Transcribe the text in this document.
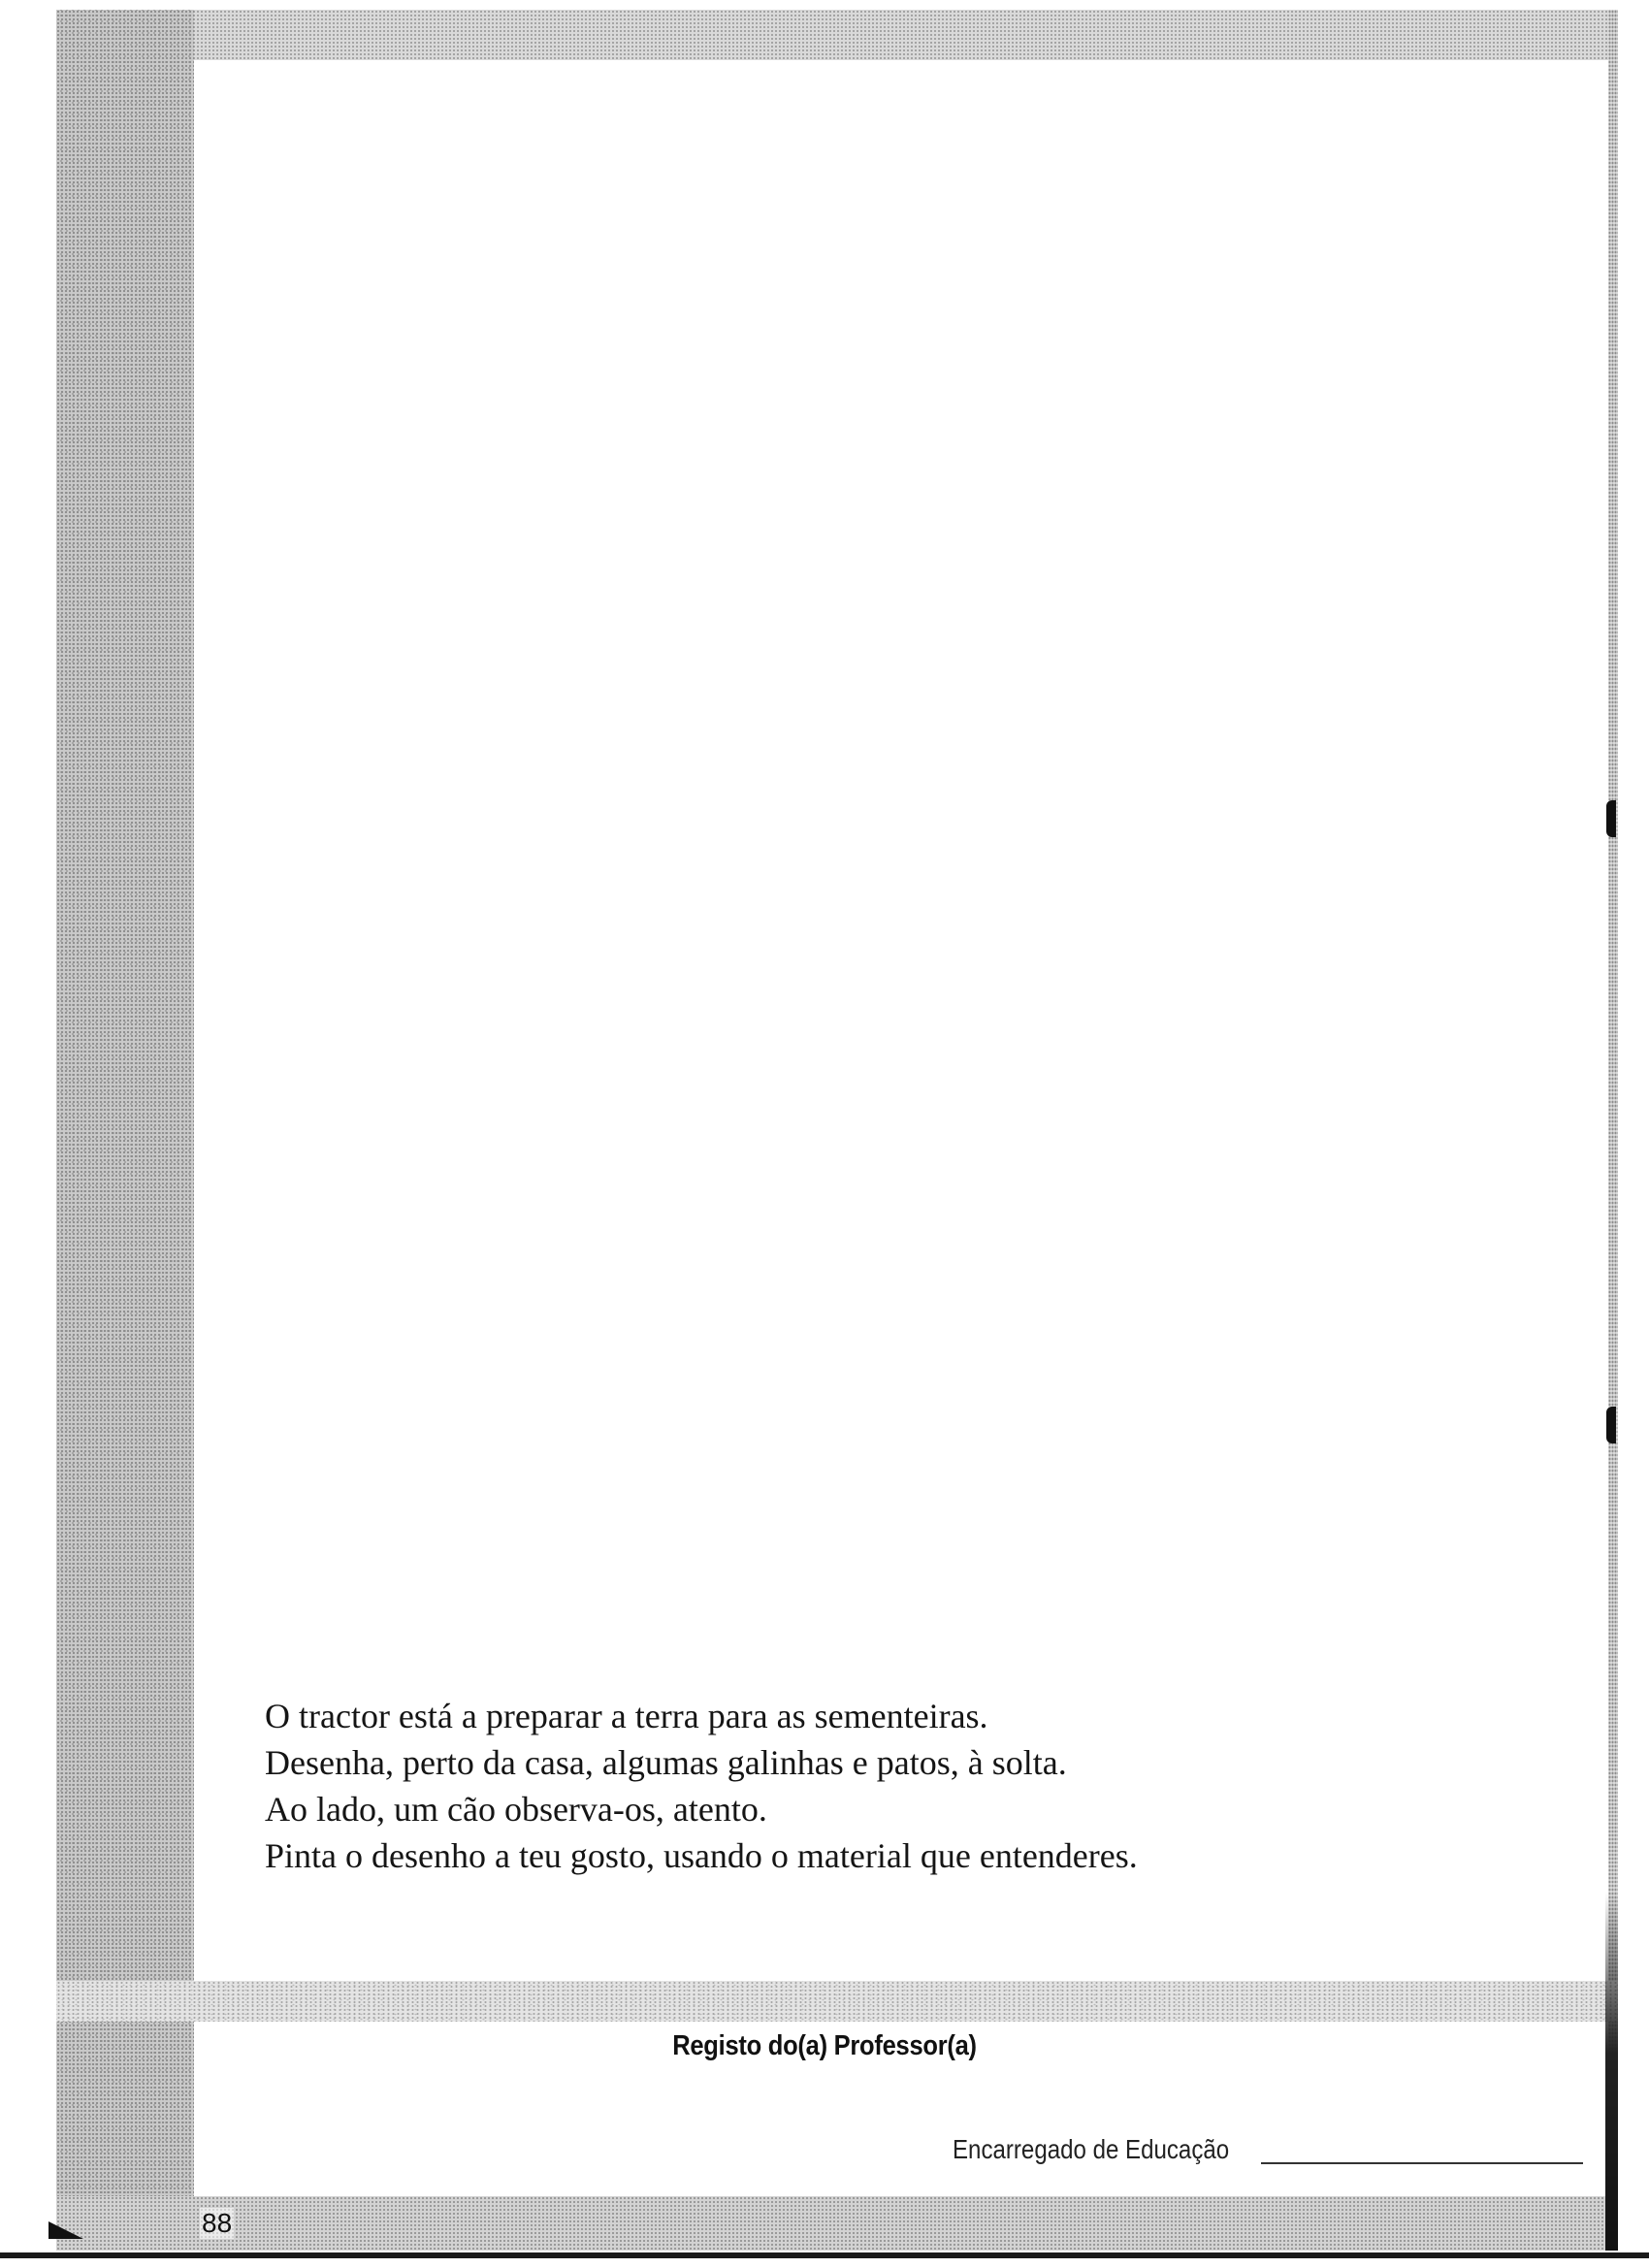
O tractor está a preparar a terra para as sementeiras.

Desenha, perto da casa, algumas galinhas e patos, à solta.

Ao lado, um cão observa-os, atento.

Pinta o desenho a teu gosto, usando o material que entenderes.

Registo do(a) Professor(a)
Encarregado de Educação
88
